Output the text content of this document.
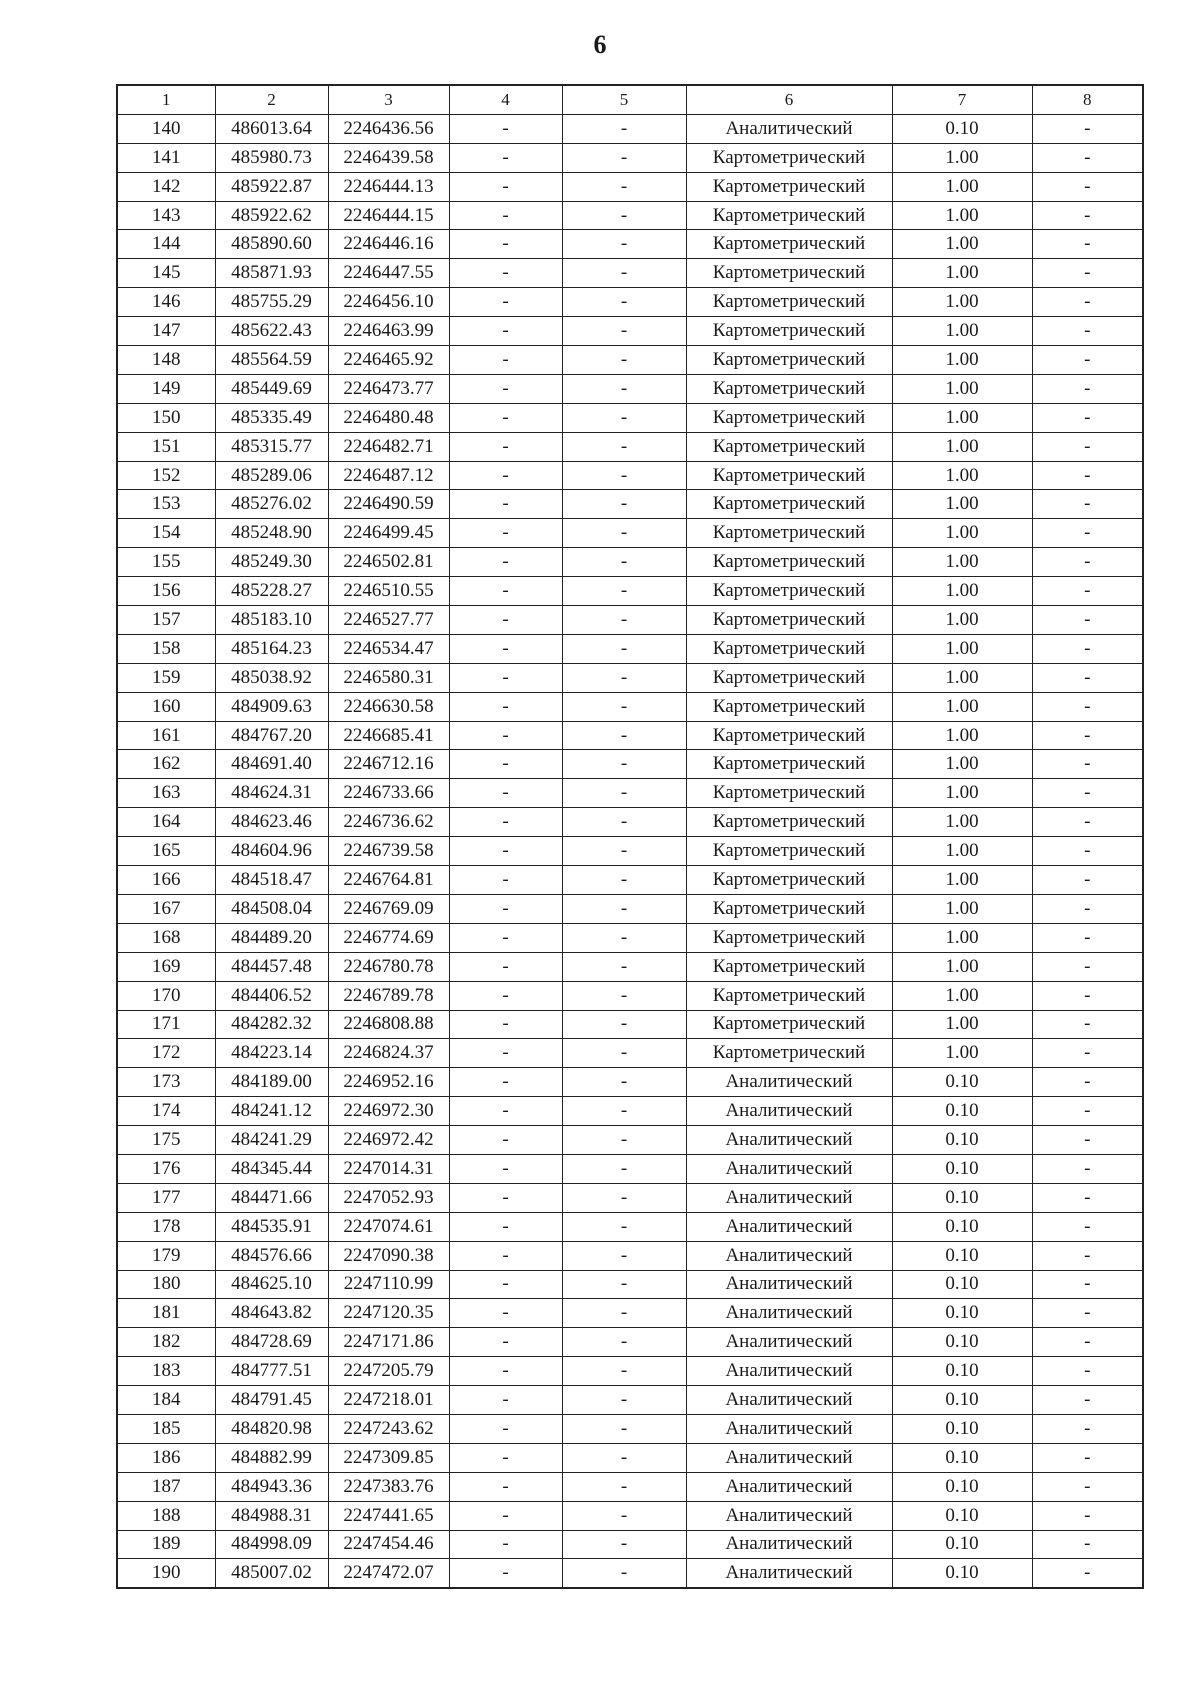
6
1	2	3	4	5	6	7	8
140	486013.64	2246436.56	-	-	Аналитический	0.10	-
141	485980.73	2246439.58	-	-	Картометрический	1.00	-
142	485922.87	2246444.13	-	-	Картометрический	1.00	-
143	485922.62	2246444.15	-	-	Картометрический	1.00	-
144	485890.60	2246446.16	-	-	Картометрический	1.00	-
145	485871.93	2246447.55	-	-	Картометрический	1.00	-
146	485755.29	2246456.10	-	-	Картометрический	1.00	-
147	485622.43	2246463.99	-	-	Картометрический	1.00	-
148	485564.59	2246465.92	-	-	Картометрический	1.00	-
149	485449.69	2246473.77	-	-	Картометрический	1.00	-
150	485335.49	2246480.48	-	-	Картометрический	1.00	-
151	485315.77	2246482.71	-	-	Картометрический	1.00	-
152	485289.06	2246487.12	-	-	Картометрический	1.00	-
153	485276.02	2246490.59	-	-	Картометрический	1.00	-
154	485248.90	2246499.45	-	-	Картометрический	1.00	-
155	485249.30	2246502.81	-	-	Картометрический	1.00	-
156	485228.27	2246510.55	-	-	Картометрический	1.00	-
157	485183.10	2246527.77	-	-	Картометрический	1.00	-
158	485164.23	2246534.47	-	-	Картометрический	1.00	-
159	485038.92	2246580.31	-	-	Картометрический	1.00	-
160	484909.63	2246630.58	-	-	Картометрический	1.00	-
161	484767.20	2246685.41	-	-	Картометрический	1.00	-
162	484691.40	2246712.16	-	-	Картометрический	1.00	-
163	484624.31	2246733.66	-	-	Картометрический	1.00	-
164	484623.46	2246736.62	-	-	Картометрический	1.00	-
165	484604.96	2246739.58	-	-	Картометрический	1.00	-
166	484518.47	2246764.81	-	-	Картометрический	1.00	-
167	484508.04	2246769.09	-	-	Картометрический	1.00	-
168	484489.20	2246774.69	-	-	Картометрический	1.00	-
169	484457.48	2246780.78	-	-	Картометрический	1.00	-
170	484406.52	2246789.78	-	-	Картометрический	1.00	-
171	484282.32	2246808.88	-	-	Картометрический	1.00	-
172	484223.14	2246824.37	-	-	Картометрический	1.00	-
173	484189.00	2246952.16	-	-	Аналитический	0.10	-
174	484241.12	2246972.30	-	-	Аналитический	0.10	-
175	484241.29	2246972.42	-	-	Аналитический	0.10	-
176	484345.44	2247014.31	-	-	Аналитический	0.10	-
177	484471.66	2247052.93	-	-	Аналитический	0.10	-
178	484535.91	2247074.61	-	-	Аналитический	0.10	-
179	484576.66	2247090.38	-	-	Аналитический	0.10	-
180	484625.10	2247110.99	-	-	Аналитический	0.10	-
181	484643.82	2247120.35	-	-	Аналитический	0.10	-
182	484728.69	2247171.86	-	-	Аналитический	0.10	-
183	484777.51	2247205.79	-	-	Аналитический	0.10	-
184	484791.45	2247218.01	-	-	Аналитический	0.10	-
185	484820.98	2247243.62	-	-	Аналитический	0.10	-
186	484882.99	2247309.85	-	-	Аналитический	0.10	-
187	484943.36	2247383.76	-	-	Аналитический	0.10	-
188	484988.31	2247441.65	-	-	Аналитический	0.10	-
189	484998.09	2247454.46	-	-	Аналитический	0.10	-
190	485007.02	2247472.07	-	-	Аналитический	0.10	-
